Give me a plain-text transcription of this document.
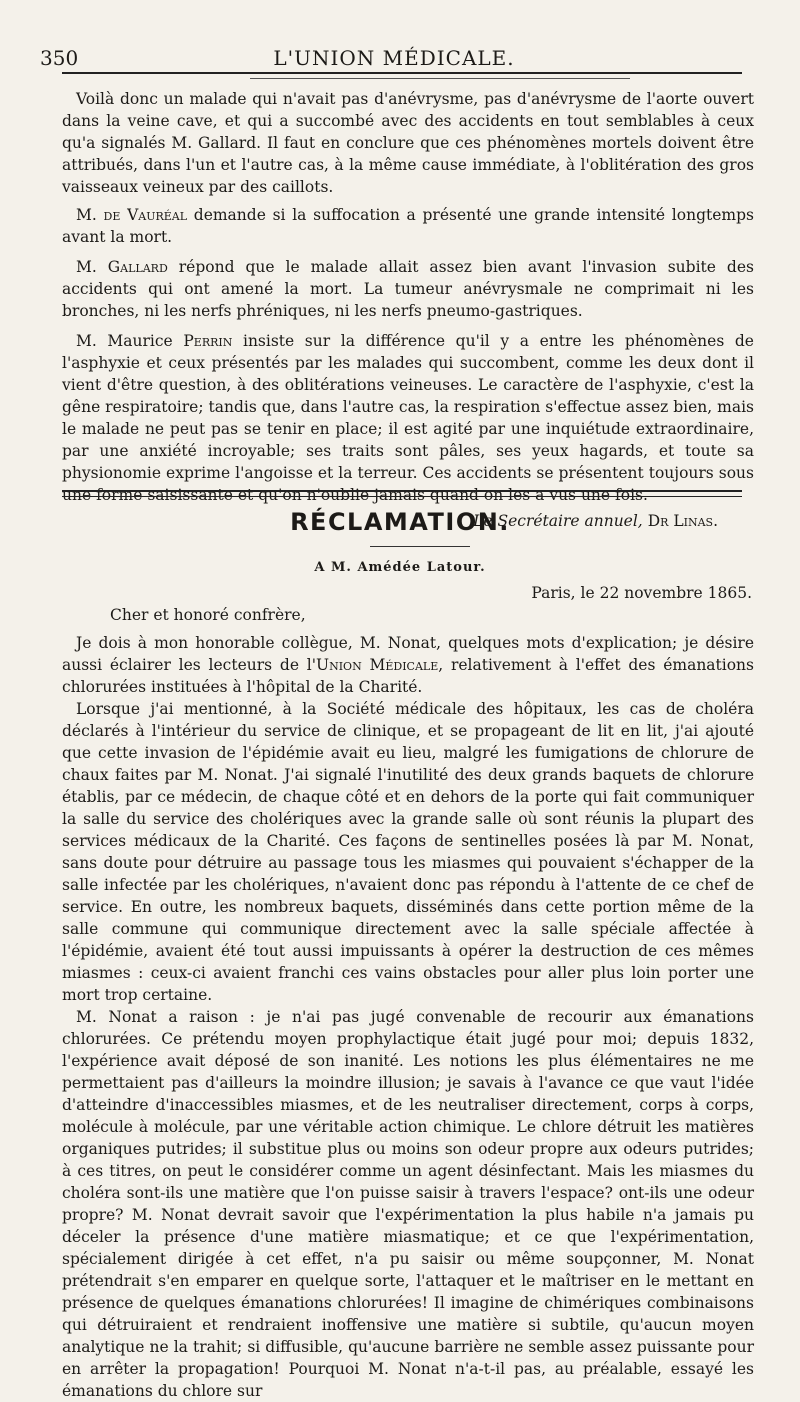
350	L'UNION MÉDICALE.

Voilà donc un malade qui n'avait pas d'anévrysme, pas d'anévrysme de l'aorte ouvert dans la veine cave, et qui a succombé avec des accidents en tout semblables à ceux qu'a signalés M. Gallard. Il faut en conclure que ces phénomènes mortels doivent être attribués, dans l'un et l'autre cas, à la même cause immédiate, à l'oblitération des gros vaisseaux veineux par des caillots.

M. de Vauréal demande si la suffocation a présenté une grande intensité longtemps avant la mort.

M. Gallard répond que le malade allait assez bien avant l'invasion subite des accidents qui ont amené la mort. La tumeur anévrysmale ne comprimait ni les bronches, ni les nerfs phréniques, ni les nerfs pneumo-gastriques.

M. Maurice Perrin insiste sur la différence qu'il y a entre les phénomènes de l'asphyxie et ceux présentés par les malades qui succombent, comme les deux dont il vient d'être question, à des oblitérations veineuses. Le caractère de l'asphyxie, c'est la gêne respiratoire; tandis que, dans l'autre cas, la respiration s'effectue assez bien, mais le malade ne peut pas se tenir en place; il est agité par une inquiétude extraordinaire, par une anxiété incroyable; ses traits sont pâles, ses yeux hagards, et toute sa physionomie exprime l'angoisse et la terreur. Ces accidents se présentent toujours sous une forme saisissante et qu'on n'oublie jamais quand on les a vus une fois.

Le Secrétaire annuel, Dr Linas.
RÉCLAMATION.
A M. Amédée Latour.
Paris, le 22 novembre 1865.
Cher et honoré confrère,

Je dois à mon honorable collègue, M. Nonat, quelques mots d'explication; je désire aussi éclairer les lecteurs de l'Union Médicale, relativement à l'effet des émanations chlorurées instituées à l'hôpital de la Charité.

Lorsque j'ai mentionné, à la Société médicale des hôpitaux, les cas de choléra déclarés à l'intérieur du service de clinique, et se propageant de lit en lit, j'ai ajouté que cette invasion de l'épidémie avait eu lieu, malgré les fumigations de chlorure de chaux faites par M. Nonat. J'ai signalé l'inutilité des deux grands baquets de chlorure établis, par ce médecin, de chaque côté et en dehors de la porte qui fait communiquer la salle du service des cholériques avec la grande salle où sont réunis la plupart des services médicaux de la Charité. Ces façons de sentinelles posées là par M. Nonat, sans doute pour détruire au passage tous les miasmes qui pouvaient s'échapper de la salle infectée par les cholériques, n'avaient donc pas répondu à l'attente de ce chef de service. En outre, les nombreux baquets, disséminés dans cette portion même de la salle commune qui communique directement avec la salle spéciale affectée à l'épidémie, avaient été tout aussi impuissants à opérer la destruction de ces mêmes miasmes : ceux-ci avaient franchi ces vains obstacles pour aller plus loin porter une mort trop certaine.

M. Nonat a raison : je n'ai pas jugé convenable de recourir aux émanations chlorurées. Ce prétendu moyen prophylactique était jugé pour moi; depuis 1832, l'expérience avait déposé de son inanité. Les notions les plus élémentaires ne me permettaient pas d'ailleurs la moindre illusion; je savais à l'avance ce que vaut l'idée d'atteindre d'inaccessibles miasmes, et de les neutraliser directement, corps à corps, molécule à molécule, par une véritable action chimique. Le chlore détruit les matières organiques putrides; il substitue plus ou moins son odeur propre aux odeurs putrides; à ces titres, on peut le considérer comme un agent désinfectant. Mais les miasmes du choléra sont-ils une matière que l'on puisse saisir à travers l'espace? ont-ils une odeur propre? M. Nonat devrait savoir que l'expérimentation la plus habile n'a jamais pu déceler la présence d'une matière miasmatique; et ce que l'expérimentation, spécialement dirigée à cet effet, n'a pu saisir ou même soupçonner, M. Nonat prétendrait s'en emparer en quelque sorte, l'attaquer et le maîtriser en le mettant en présence de quelques émanations chlorurées! Il imagine de chimériques combinaisons qui détruiraient et rendraient inoffensive une matière si subtile, qu'aucun moyen analytique ne la trahit; si diffusible, qu'aucune barrière ne semble assez puissante pour en arrêter la propagation! Pourquoi M. Nonat n'a-t-il pas, au préalable, essayé les émanations du chlore sur
